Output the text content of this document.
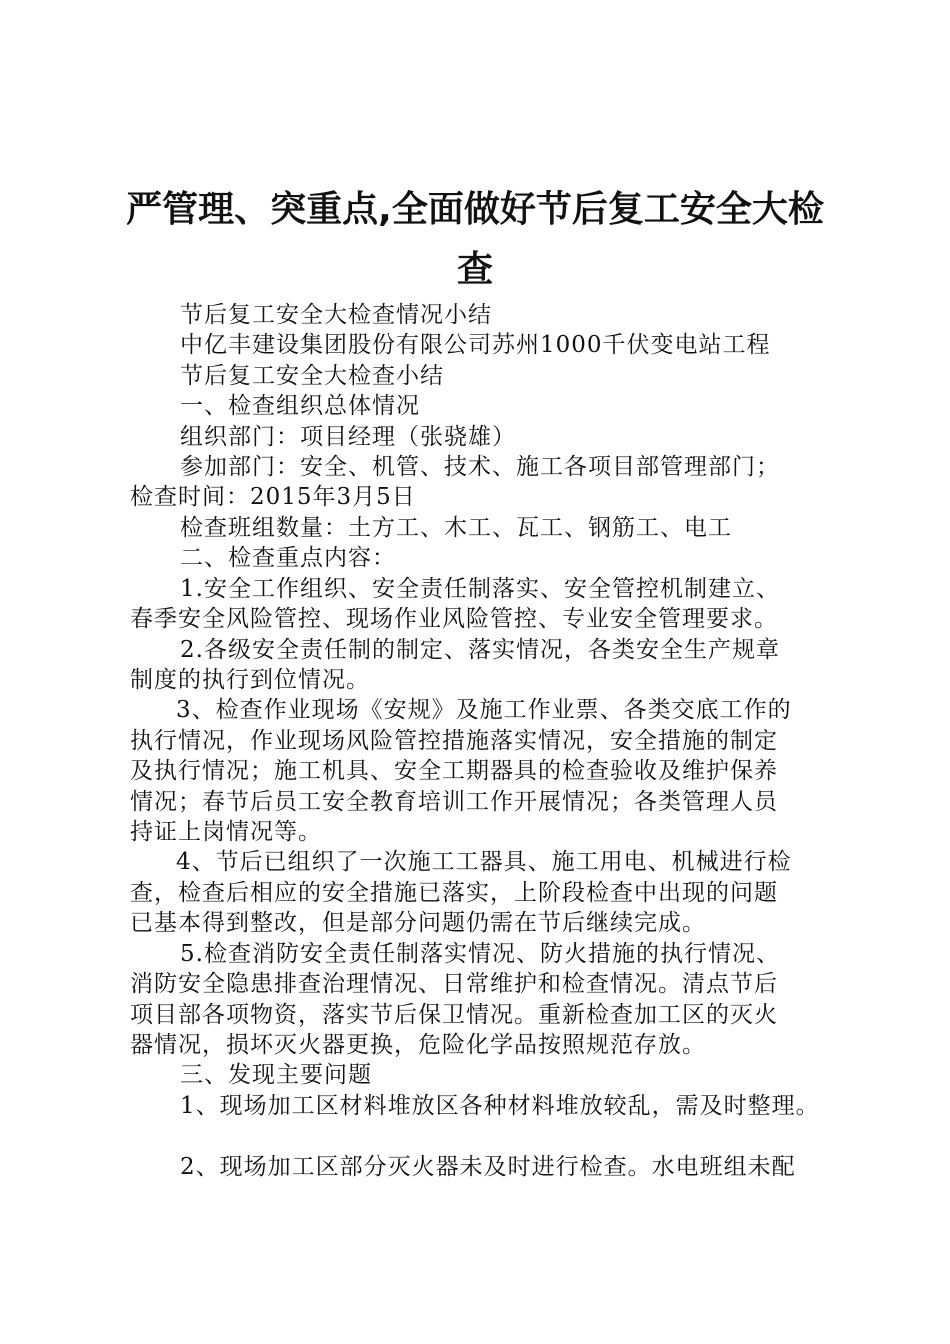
严管理、突重点,全面做好节后复工安全大检
查
节后复工安全大检查情况小结
中亿丰建设集团股份有限公司苏州1000千伏变电站工程
节后复工安全大检查小结
一、检查组织总体情况
组织部门：项目经理（张骁雄）
参加部门：安全、机管、技术、施工各项目部管理部门；
检查时间：2015年3月5日
检查班组数量：土方工、木工、瓦工、钢筋工、电工
二、检查重点内容：
1.安全工作组织、安全责任制落实、安全管控机制建立、
春季安全风险管控、现场作业风险管控、专业安全管理要求。
2.各级安全责任制的制定、落实情况，各类安全生产规章
制度的执行到位情况。
3、检查作业现场《安规》及施工作业票、各类交底工作的
执行情况，作业现场风险管控措施落实情况，安全措施的制定
及执行情况；施工机具、安全工期器具的检查验收及维护保养
情况；春节后员工安全教育培训工作开展情况；各类管理人员
持证上岗情况等。
4、节后已组织了一次施工工器具、施工用电、机械进行检
查，检查后相应的安全措施已落实，上阶段检查中出现的问题
已基本得到整改，但是部分问题仍需在节后继续完成。
5.检查消防安全责任制落实情况、防火措施的执行情况、
消防安全隐患排查治理情况、日常维护和检查情况。清点节后
项目部各项物资，落实节后保卫情况。重新检查加工区的灭火
器情况，损坏灭火器更换，危险化学品按照规范存放。
三、发现主要问题
1、现场加工区材料堆放区各种材料堆放较乱，需及时整理。
2、现场加工区部分灭火器未及时进行检查。水电班组未配
